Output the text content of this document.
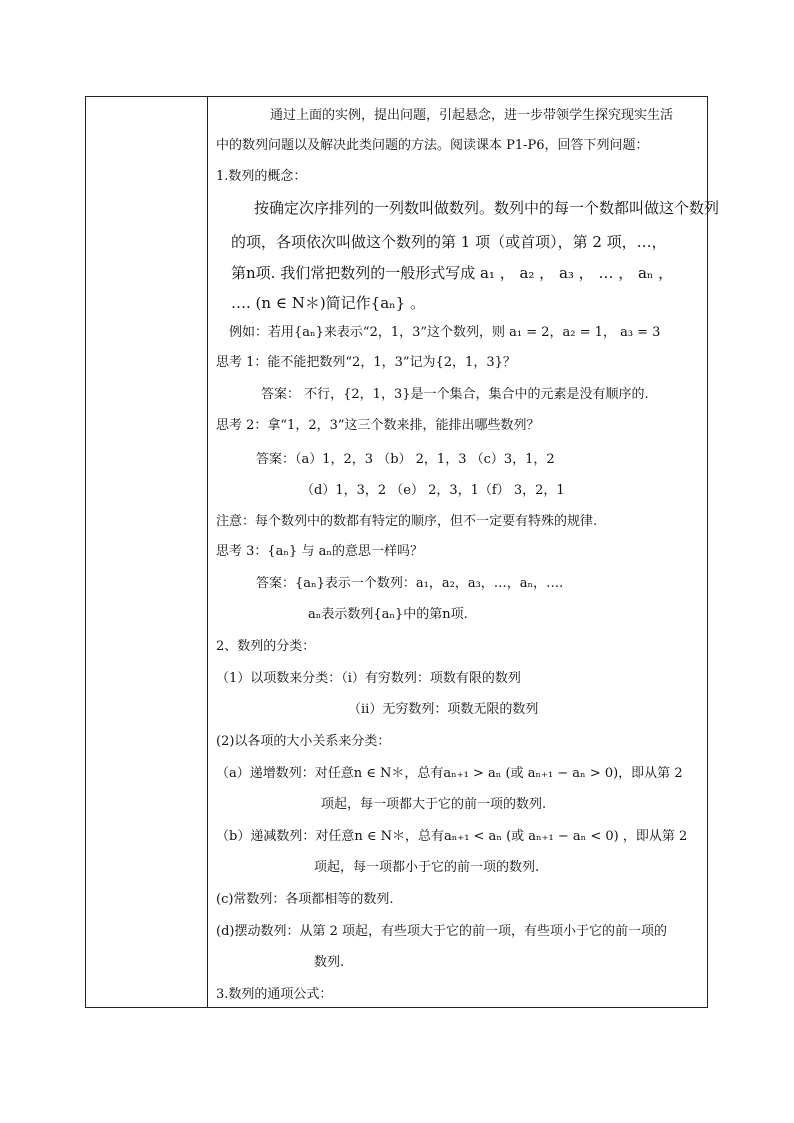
通过上面的实例，提出问题，引起悬念，进一步带领学生探究现实生活
中的数列问题以及解决此类问题的方法。阅读课本 P1-P6，回答下列问题：
1.数列的概念：
按确定次序排列的一列数叫做数列。数列中的每一个数都叫做这个数列
的项，各项依次叫做这个数列的第 1 项（或首项），第 2 项，…，
第n项. 我们常把数列的一般形式写成 a₁ ， a₂ ， a₃ ， … ， aₙ ，
…. (n ∈ N＊)简记作{aₙ} 。
例如：若用{aₙ}来表示“2，1，3”这个数列，则 a₁ = 2，a₂ = 1， a₃ = 3
思考 1：能不能把数列“2，1，3”记为{2，1，3}？
答案： 不行，{2，1，3}是一个集合，集合中的元素是没有顺序的.
思考 2：拿“1，2，3”这三个数来排，能排出哪些数列？
答案：（a）1，2，3 （b） 2，1，3 （c）3，1，2
（d）1，3，2 （e） 2，3，1（f） 3，2，1
注意：每个数列中的数都有特定的顺序，但不一定要有特殊的规律.
思考 3：{aₙ} 与 aₙ的意思一样吗？
答案：{aₙ}表示一个数列：a₁，a₂，a₃，…，aₙ，….
aₙ表示数列{aₙ}中的第n项.
2、数列的分类：
（1）以项数来分类：（i）有穷数列：项数有限的数列
（ii）无穷数列：项数无限的数列
(2)以各项的大小关系来分类：
（a）递增数列：对任意n ∈ N＊，总有aₙ₊₁ > aₙ (或 aₙ₊₁ − aₙ > 0)，即从第 2
项起，每一项都大于它的前一项的数列.
（b）递减数列：对任意n ∈ N＊，总有aₙ₊₁ < aₙ (或 aₙ₊₁ − aₙ < 0) ，即从第 2
项起，每一项都小于它的前一项的数列.
(c)常数列：各项都相等的数列.
(d)摆动数列：从第 2 项起，有些项大于它的前一项，有些项小于它的前一项的
数列.
3.数列的通项公式：
